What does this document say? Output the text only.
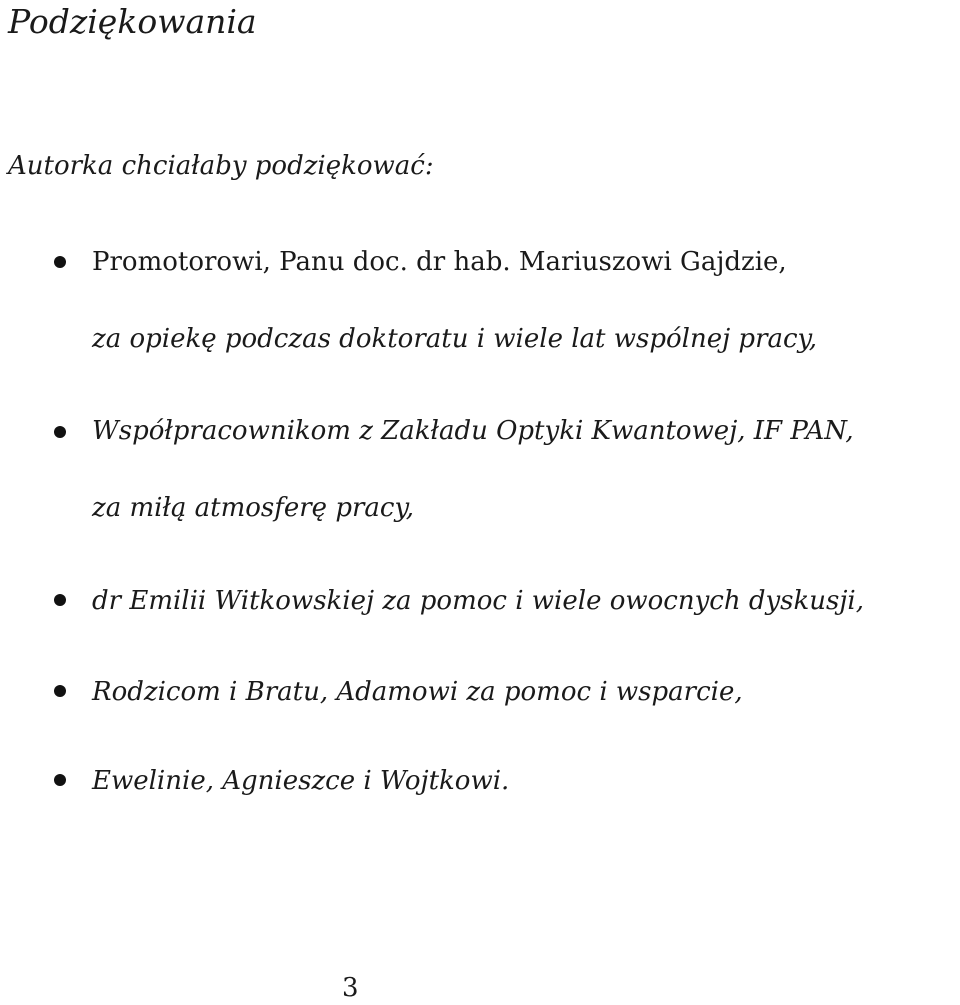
Podziękowania
Autorka chciałaby podziękować:
Promotorowi, Panu doc. dr hab. Mariuszowi Gajdzie,
za opiekę podczas doktoratu i wiele lat wspólnej pracy,
Współpracownikom z Zakładu Optyki Kwantowej, IF PAN,
za miłą atmosferę pracy,
dr Emilii Witkowskiej za pomoc i wiele owocnych dyskusji,
Rodzicom i Bratu, Adamowi za pomoc i wsparcie,
Ewelinie, Agnieszce i Wojtkowi.
3
